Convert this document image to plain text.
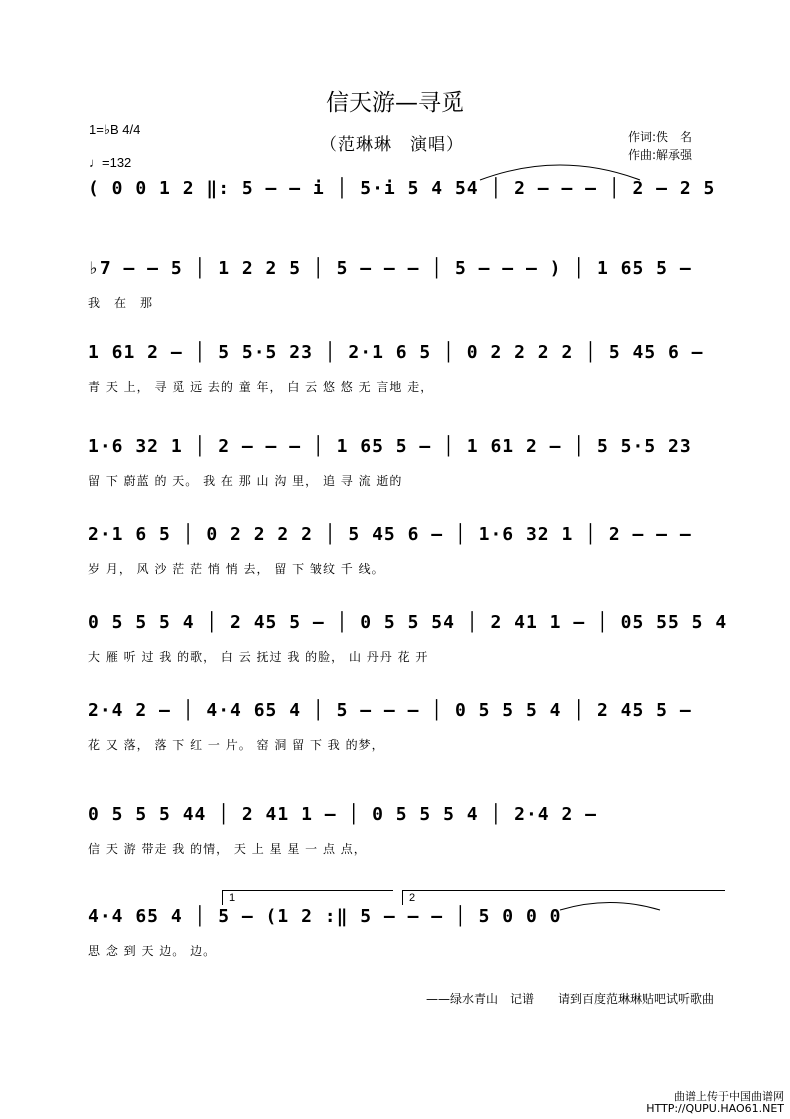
信天游—寻觅
（范琳琳　演唱）	作词:佚　名
作曲:解承强
1=♭B 4/4
♩=132
( 0 0 1 2 ‖: 5 – – i │ 5·i 5 4 54 │ 2 – – – │ 2 – 2 5
♭7 – – 5 │ 1 2 2 5 │ 5 – – – │ 5 – – – ) │ 1 65 5 –
我　在　那
1 61 2 – │ 5 5·5 23 │ 2·1 6 5 │ 0 2 2 2 2 │ 5 45 6 –
青 天 上， 寻 觅 远 去的 童 年， 白 云 悠 悠 无 言地 走，
1·6 32 1 │ 2 – – – │ 1 65 5 – │ 1 61 2 – │ 5 5·5 23
留 下 蔚蓝 的 天。 我 在 那 山 沟 里， 追 寻 流 逝的
2·1 6 5 │ 0 2 2 2 2 │ 5 45 6 – │ 1·6 32 1 │ 2 – – –
岁 月， 风 沙 茫 茫 悄 悄 去， 留 下 皱纹 千 线。
0 5 5 5 4 │ 2 45 5 – │ 0 5 5 54 │ 2 41 1 – │ 05 55 5 4
大 雁 听 过 我 的歌， 白 云 抚过 我 的脸， 山 丹丹 花 开
2·4 2 – │ 4·4 65 4 │ 5 – – – │ 0 5 5 5 4 │ 2 45 5 –
花 又 落， 落 下 红 一 片。 窑 洞 留 下 我 的梦，
0 5 5 5 44 │ 2 41 1 – │ 0 5 5 5 4 │ 2·4 2 –
信 天 游 带走 我 的情， 天 上 星 星 一 点 点，
4·4 65 4 │ 5 – (1 2 :‖ 5 – – – │ 5 0 0 0
思 念 到 天 边。 边。
1	2
——绿水青山　记谱　　请到百度范琳琳贴吧试听歌曲
曲谱上传于中国曲谱网
HTTP://QUPU.HAO61.NET
